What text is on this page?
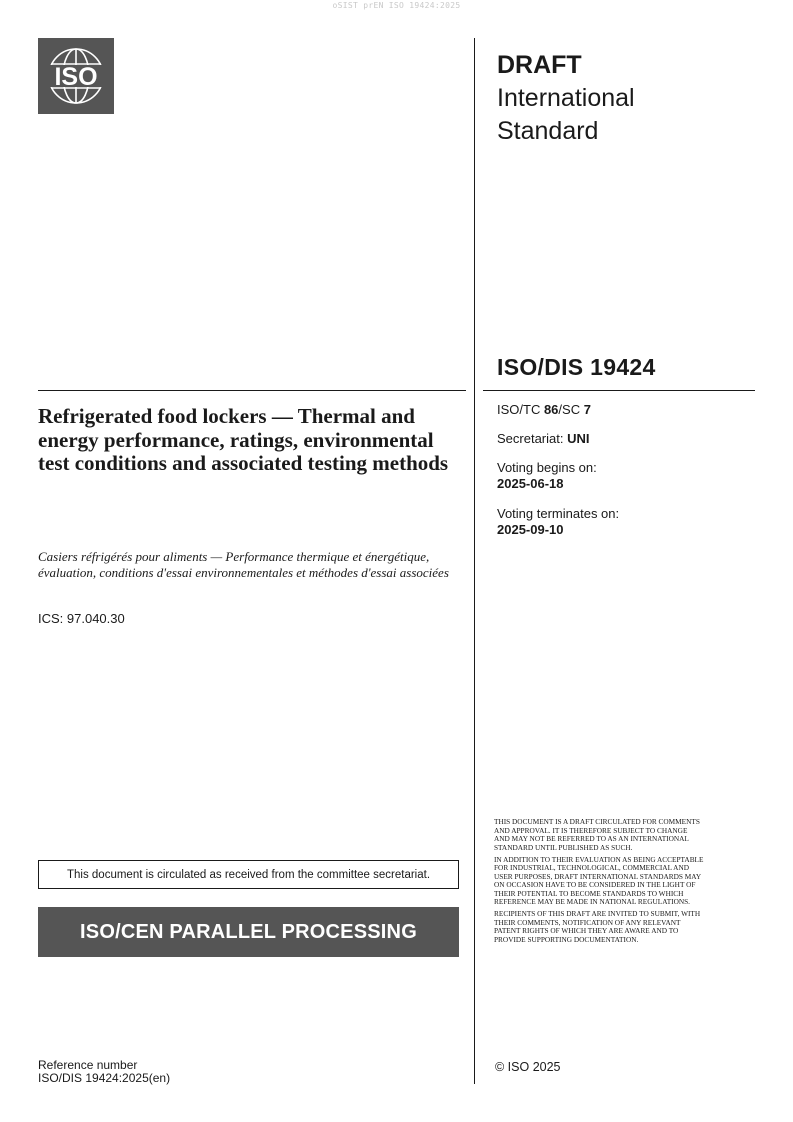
oSIST prEN ISO 19424:2025
ISO	DRAFT
International
Standard
ISO/DIS 19424
ISO/TC 86/SC 7
Secretariat: UNI
Voting begins on:
2025-06-18
Voting terminates on:
2025-09-10
Refrigerated food lockers — Thermal and energy performance, ratings, environmental test conditions and associated testing methods
Casiers réfrigérés pour aliments — Performance thermique et énergétique, évaluation, conditions d'essai environnementales et méthodes d'essai associées
ICS: 97.040.30
This document is circulated as received from the committee secretariat.
ISO/CEN PARALLEL PROCESSING
Reference number
ISO/DIS 19424:2025(en)

THIS DOCUMENT IS A DRAFT CIRCULATED FOR COMMENTS AND APPROVAL. IT IS THEREFORE SUBJECT TO CHANGE AND MAY NOT BE REFERRED TO AS AN INTERNATIONAL STANDARD UNTIL PUBLISHED AS SUCH.

IN ADDITION TO THEIR EVALUATION AS BEING ACCEPTABLE FOR INDUSTRIAL, TECHNOLOGICAL, COMMERCIAL AND USER PURPOSES, DRAFT INTERNATIONAL STANDARDS MAY ON OCCASION HAVE TO BE CONSIDERED IN THE LIGHT OF THEIR POTENTIAL TO BECOME STANDARDS TO WHICH REFERENCE MAY BE MADE IN NATIONAL REGULATIONS.

RECIPIENTS OF THIS DRAFT ARE INVITED TO SUBMIT, WITH THEIR COMMENTS, NOTIFICATION OF ANY RELEVANT PATENT RIGHTS OF WHICH THEY ARE AWARE AND TO PROVIDE SUPPORTING DOCUMENTATION.

© ISO 2025
